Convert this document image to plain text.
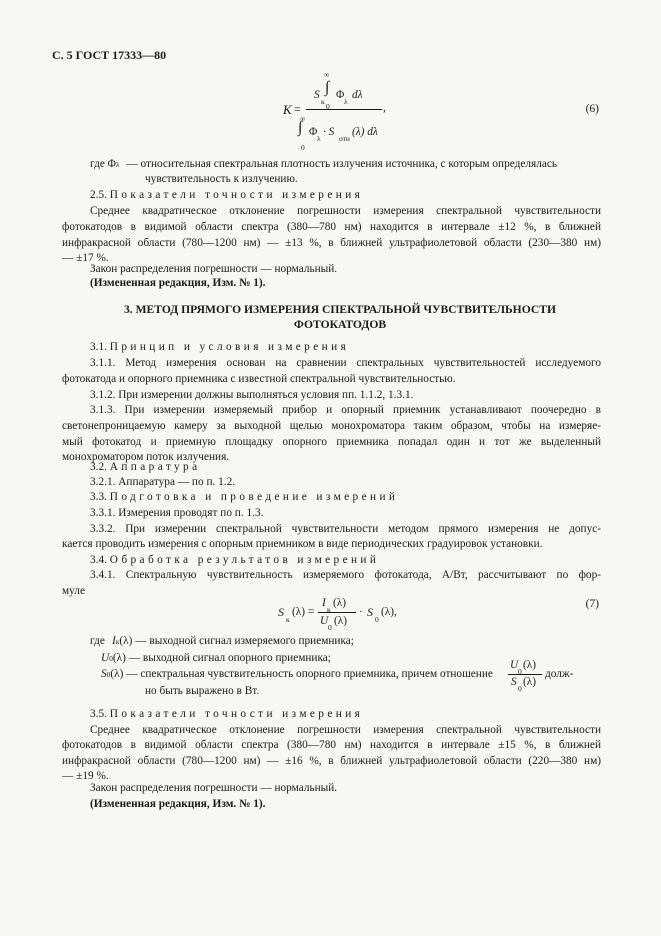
С. 5 ГОСТ 17333—80
K =
∞
S
к
∫
0
Φ
λ
dλ
,
∞
∫
0
Φ
λ
· S
отн
(λ) dλ
(6)
где Φλ — относительная спектральная плотность излучения источника, с которым определялась
чувствительность к излучению.
2.5. Показатели точности измерения
Среднее квадратическое отклонение погрешности измерения спектральной чувствительности
фотокатодов в видимой области спектра (380—780 нм) находится в интервале ±12 %, в ближней
инфракрасной области (780—1200 нм) — ±13 %, в ближней ультрафиолетовой области (230—380 нм)
— ±17 %.
Закон распределения погрешности — нормальный.
(Измененная редакция, Изм. № 1).
3. МЕТОД ПРЯМОГО ИЗМЕРЕНИЯ СПЕКТРАЛЬНОЙ ЧУВСТВИТЕЛЬНОСТИ
ФОТОКАТОДОВ
3.1. Принцип и условия измерения
3.1.1. Метод измерения основан на сравнении спектральных чувствительностей исследуемого
фотокатода и опорного приемника с известной спектральной чувствительностью.
3.1.2. При измерении должны выполняться условия пп. 1.1.2, 1.3.1.
3.1.3. При измерении измеряемый прибор и опорный приемник устанавливают поочередно в
светонепроницаемую камеру за выходной щелью монохроматора таким образом, чтобы на измеряе-
мый фотокатод и приемную площадку опорного приемника попадал один и тот же выделенный
монохроматором поток излучения.
3.2. Аппаратура
3.2.1. Аппаратура — по п. 1.2.
3.3. Подготовка и проведение измерений
3.3.1. Измерения проводят по п. 1.3.
3.3.2. При измерении спектральной чувствительности методом прямого измерения не допус-
кается проводить измерения с опорным приемником в виде периодических градуировок установки.
3.4. Обработка результатов измерений
3.4.1. Спектральную чувствительность измеряемого фотокатода, А/Вт, рассчитывают по фор-
муле
S
к
(λ) =
I
к
(λ)
U
0
(λ)
· S
0
(λ),
(7)
где Iк(λ) — выходной сигнал измеряемого приемника;
U0(λ) — выходной сигнал опорного приемника;
S0(λ) — спектральная чувствительность опорного приемника, причем отношение
U
0
(λ)
S
0
(λ)
долж-
но быть выражено в Вт.
3.5. Показатели точности измерения
Среднее квадратическое отклонение погрешности измерения спектральной чувствительности
фотокатодов в видимой области спектра (380—780 нм) находится в интервале ±15 %, в ближней
инфракрасной области (780—1200 нм) — ±16 %, в ближней ультрафиолетовой области (220—380 нм)
— ±19 %.
Закон распределения погрешности — нормальный.
(Измененная редакция, Изм. № 1).
